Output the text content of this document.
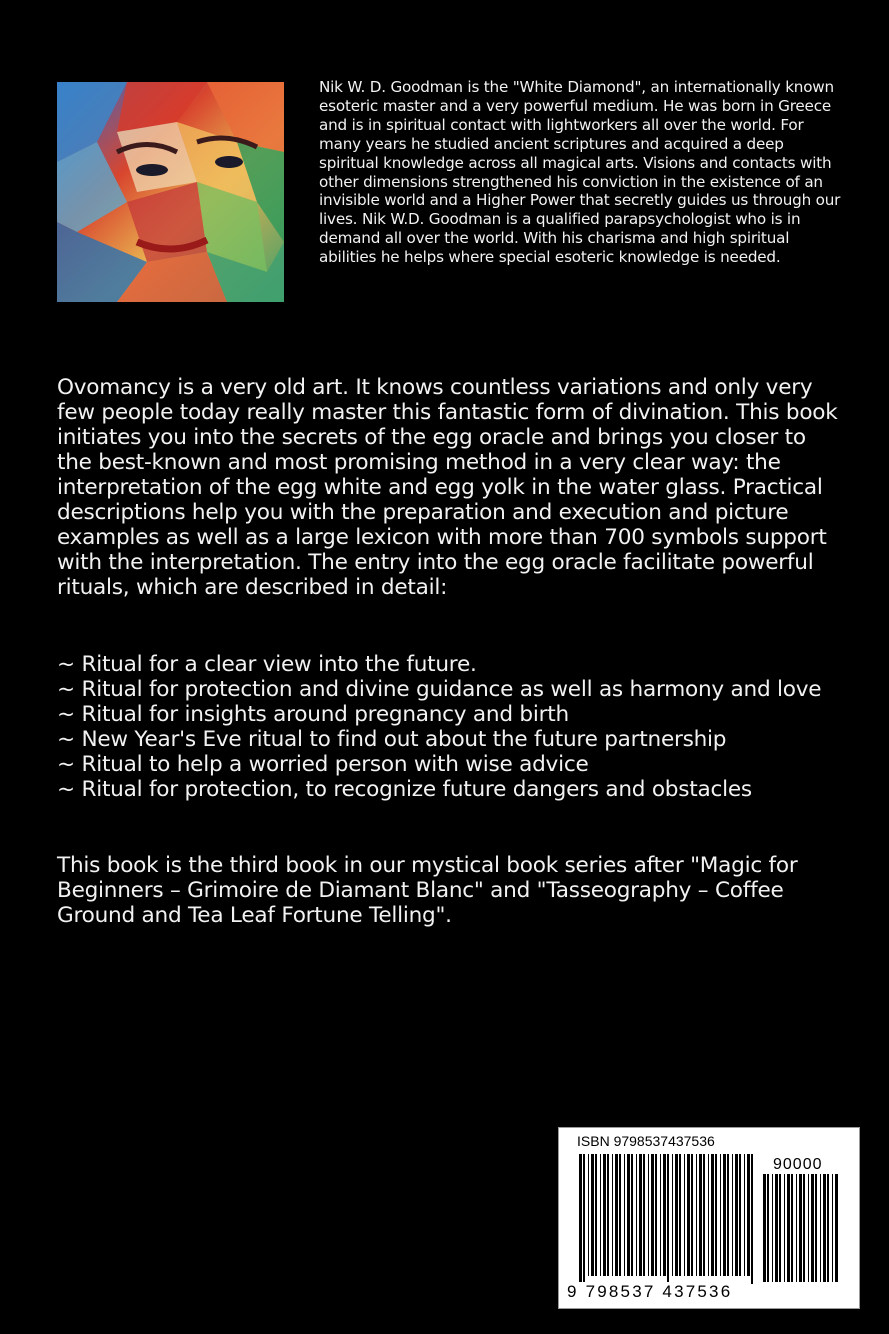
Nik W. D. Goodman is the "White Diamond", an internationally known esoteric master and a very powerful medium. He was born in Greece and is in spiritual contact with lightworkers all over the world. For many years he studied ancient scriptures and acquired a deep spiritual knowledge across all magical arts. Visions and contacts with other dimensions strengthened his conviction in the existence of an invisible world and a Higher Power that secretly guides us through our lives. Nik W.D. Goodman is a qualified parapsychologist who is in demand all over the world. With his charisma and high spiritual abilities he helps where special esoteric knowledge is needed.

Ovomancy is a very old art. It knows countless variations and only very few people today really master this fantastic form of divination. This book initiates you into the secrets of the egg oracle and brings you closer to the best-known and most promising method in a very clear way: the interpretation of the egg white and egg yolk in the water glass. Practical descriptions help you with the preparation and execution and picture examples as well as a large lexicon with more than 700 symbols support with the interpretation. The entry into the egg oracle facilitate powerful rituals, which are described in detail:

~ Ritual for a clear view into the future.
~ Ritual for protection and divine guidance as well as harmony and love
~ Ritual for insights around pregnancy and birth
~ New Year's Eve ritual to find out about the future partnership
~ Ritual to help a worried person with wise advice
~ Ritual for protection, to recognize future dangers and obstacles

This book is the third book in our mystical book series after "Magic for Beginners – Grimoire de Diamant Blanc" and "Tasseography – Coffee Ground and Tea Leaf Fortune Telling".

ISBN 9798537437536
90000
9 798537 437536
